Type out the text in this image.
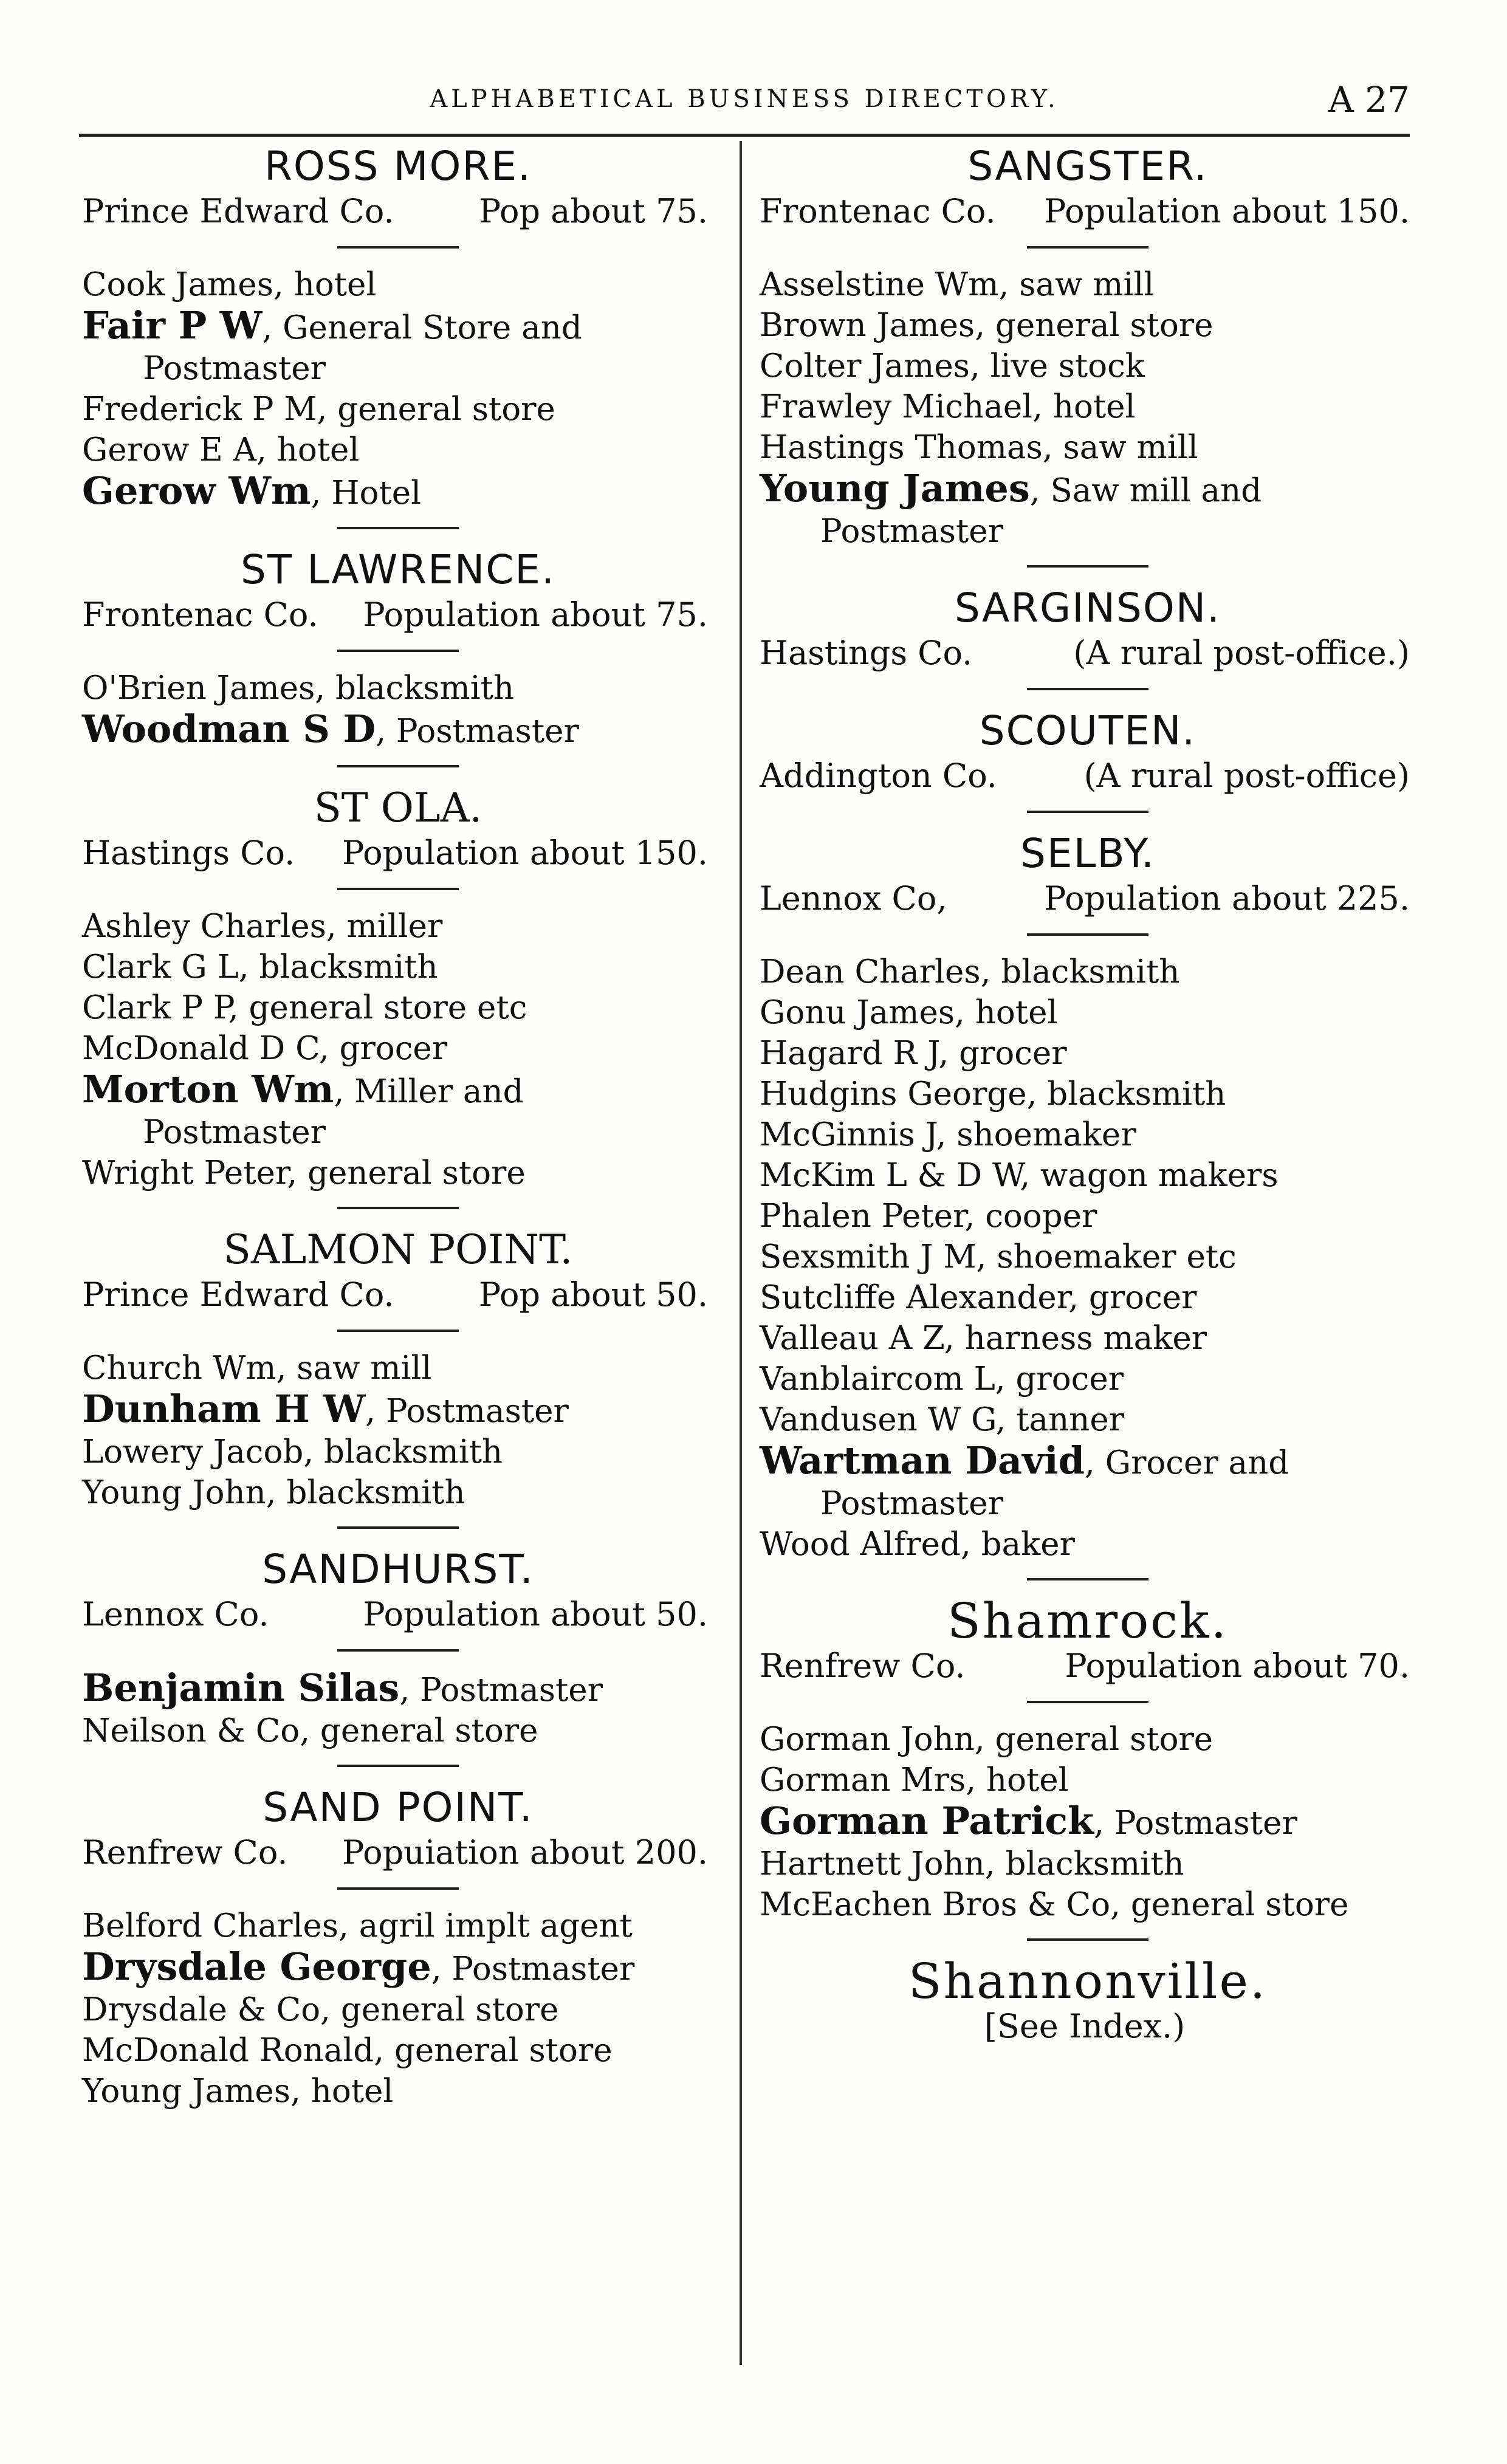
ALPHABETICAL BUSINESS DIRECTORY.	A 27
ROSS MORE.
Prince Edward Co.	Pop about 75.
Cook James, hotel
Fair P W, General Store and Postmaster
Frederick P M, general store
Gerow E A, hotel
Gerow Wm, Hotel
ST LAWRENCE.
Frontenac Co. Population about 75.
O'Brien James, blacksmith
Woodman S D, Postmaster
ST OLA.
Hastings Co. Population about 150.
Ashley Charles, miller
Clark G L, blacksmith
Clark P P, general store etc
McDonald D C, grocer
Morton Wm, Miller and Postmaster
Wright Peter, general store
SALMON POINT.
Prince Edward Co.	Pop about 50.
Church Wm, saw mill
Dunham H W, Postmaster
Lowery Jacob, blacksmith
Young John, blacksmith
SANDHURST.
Lennox Co.	Population about 50.
Benjamin Silas, Postmaster
Neilson & Co, general store
SAND POINT.
Renfrew Co. Popuiation about 200.
Belford Charles, agril implt agent
Drysdale George, Postmaster
Drysdale & Co, general store
McDonald Ronald, general store
Young James, hotel
SANGSTER.
Frontenac Co. Population about 150.
Asselstine Wm, saw mill
Brown James, general store
Colter James, live stock
Frawley Michael, hotel
Hastings Thomas, saw mill
Young James, Saw mill and Postmaster
SARGINSON.
Hastings Co.	(A rural post-office.)
SCOUTEN.
Addington Co.	(A rural post-office)
SELBY.
Lennox Co,	Population about 225.
Dean Charles, blacksmith
Gonu James, hotel
Hagard R J, grocer
Hudgins George, blacksmith
McGinnis J, shoemaker
McKim L & D W, wagon makers
Phalen Peter, cooper
Sexsmith J M, shoemaker etc
Sutcliffe Alexander, grocer
Valleau A Z, harness maker
Vanblaircom L, grocer
Vandusen W G, tanner
Wartman David, Grocer and Postmaster
Wood Alfred, baker
Shamrock.
Renfrew Co.	Population about 70.
Gorman John, general store
Gorman Mrs, hotel
Gorman Patrick, Postmaster
Hartnett John, blacksmith
McEachen Bros & Co, general store
Shannonville.
[See Index.)
